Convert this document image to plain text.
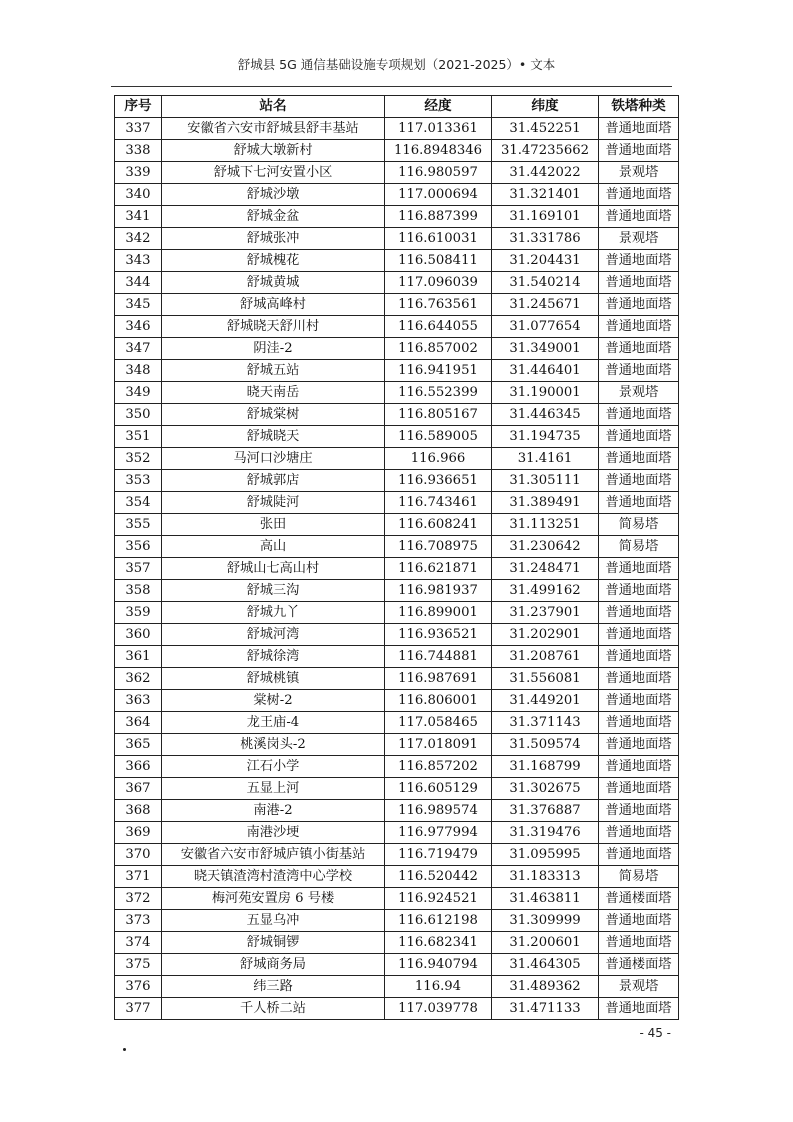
舒城县 5G 通信基础设施专项规划（2021-2025）• 文本
序号	站名	经度	纬度	铁塔种类
337	安徽省六安市舒城县舒丰基站	117.013361	31.452251	普通地面塔
338	舒城大墩新村	116.8948346	31.47235662	普通地面塔
339	舒城下七河安置小区	116.980597	31.442022	景观塔
340	舒城沙墩	117.000694	31.321401	普通地面塔
341	舒城金盆	116.887399	31.169101	普通地面塔
342	舒城张冲	116.610031	31.331786	景观塔
343	舒城槐花	116.508411	31.204431	普通地面塔
344	舒城黄城	117.096039	31.540214	普通地面塔
345	舒城高峰村	116.763561	31.245671	普通地面塔
346	舒城晓天舒川村	116.644055	31.077654	普通地面塔
347	阴洼-2	116.857002	31.349001	普通地面塔
348	舒城五站	116.941951	31.446401	普通地面塔
349	晓天南岳	116.552399	31.190001	景观塔
350	舒城棠树	116.805167	31.446345	普通地面塔
351	舒城晓天	116.589005	31.194735	普通地面塔
352	马河口沙塘庄	116.966	31.4161	普通地面塔
353	舒城郭店	116.936651	31.305111	普通地面塔
354	舒城陡河	116.743461	31.389491	普通地面塔
355	张田	116.608241	31.113251	简易塔
356	高山	116.708975	31.230642	简易塔
357	舒城山七高山村	116.621871	31.248471	普通地面塔
358	舒城三沟	116.981937	31.499162	普通地面塔
359	舒城九丫	116.899001	31.237901	普通地面塔
360	舒城河湾	116.936521	31.202901	普通地面塔
361	舒城徐湾	116.744881	31.208761	普通地面塔
362	舒城桃镇	116.987691	31.556081	普通地面塔
363	棠树-2	116.806001	31.449201	普通地面塔
364	龙王庙-4	117.058465	31.371143	普通地面塔
365	桃溪岗头-2	117.018091	31.509574	普通地面塔
366	江石小学	116.857202	31.168799	普通地面塔
367	五显上河	116.605129	31.302675	普通地面塔
368	南港-2	116.989574	31.376887	普通地面塔
369	南港沙埂	116.977994	31.319476	普通地面塔
370	安徽省六安市舒城庐镇小街基站	116.719479	31.095995	普通地面塔
371	晓天镇渣湾村渣湾中心学校	116.520442	31.183313	简易塔
372	梅河苑安置房 6 号楼	116.924521	31.463811	普通楼面塔
373	五显乌冲	116.612198	31.309999	普通地面塔
374	舒城铜锣	116.682341	31.200601	普通地面塔
375	舒城商务局	116.940794	31.464305	普通楼面塔
376	纬三路	116.94	31.489362	景观塔
377	千人桥二站	117.039778	31.471133	普通地面塔
- 45 -
